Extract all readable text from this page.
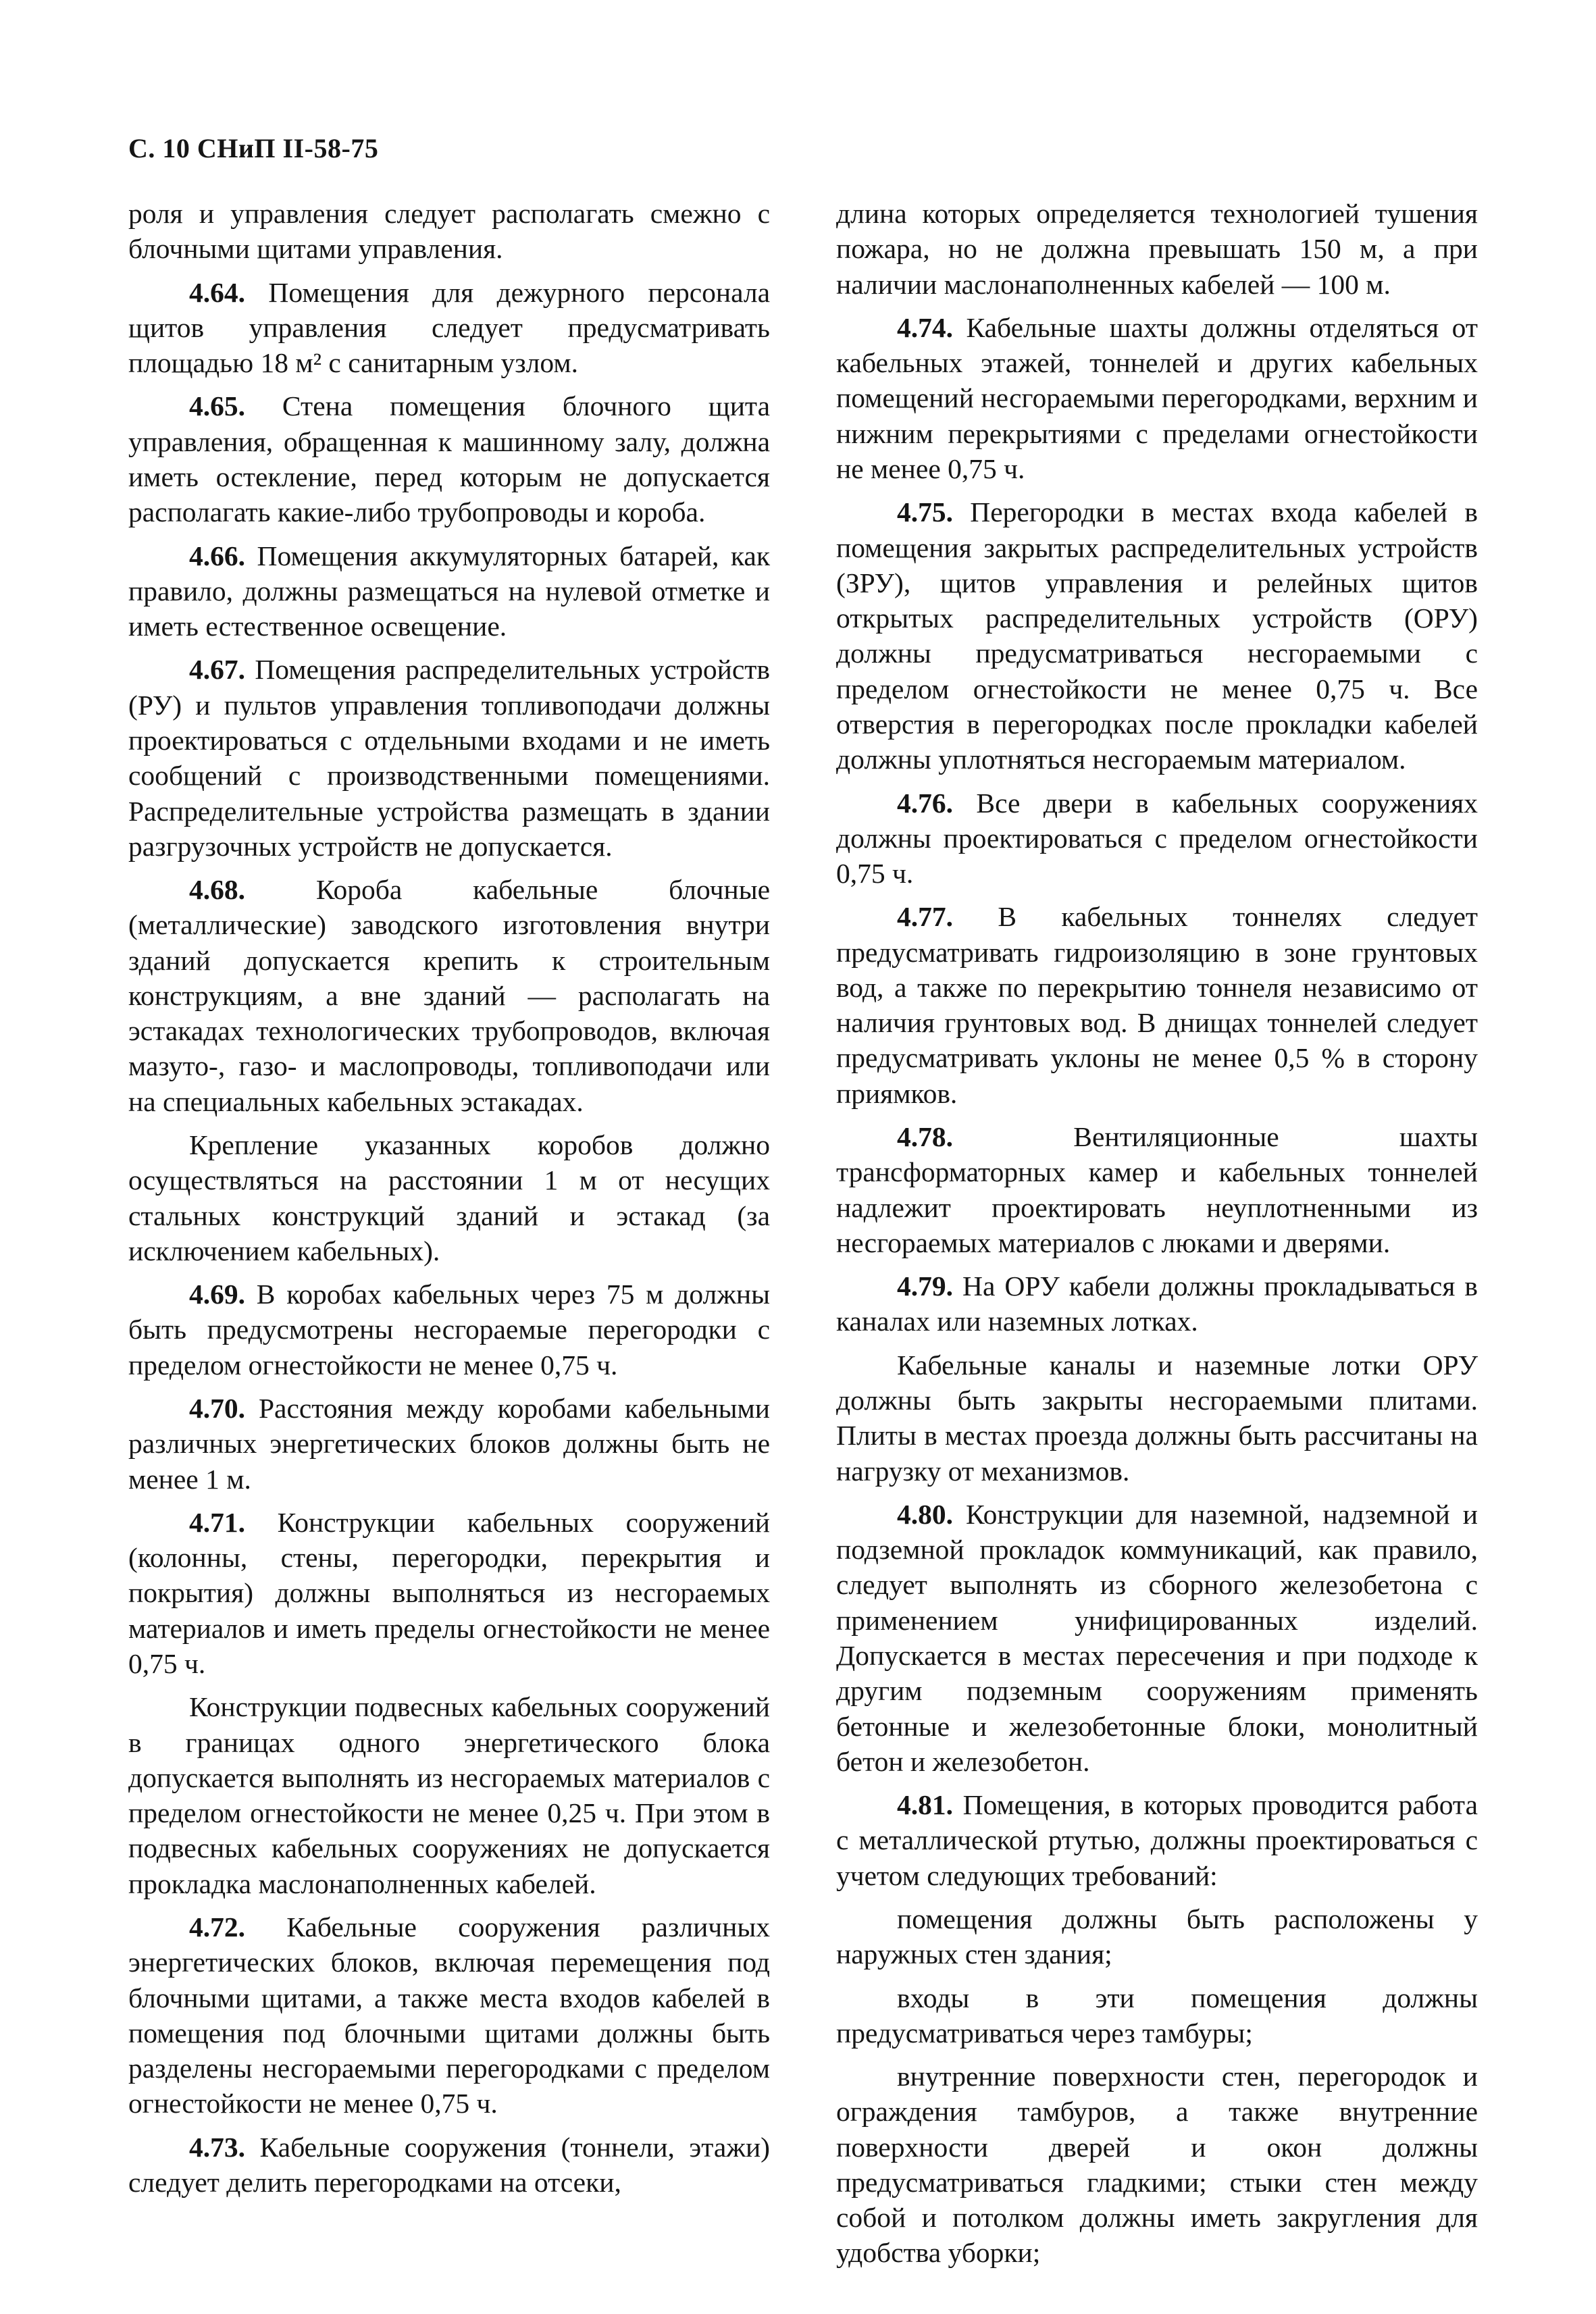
С. 10 СНиП II-58-75

роля и управления следует располагать смежно с блочными щитами управления.

4.64. Помещения для дежурного персонала щитов управления следует предусматривать площадью 18 м² с санитарным узлом.

4.65. Стена помещения блочного щита управления, обращенная к машинному залу, должна иметь остекление, перед которым не допускается располагать какие-либо трубопроводы и короба.

4.66. Помещения аккумуляторных батарей, как правило, должны размещаться на нулевой отметке и иметь естественное освещение.

4.67. Помещения распределительных устройств (РУ) и пультов управления топливоподачи должны проектироваться с отдельными входами и не иметь сообщений с производственными помещениями. Распределительные устройства размещать в здании разгрузочных устройств не допускается.

4.68.	Короба кабельные блочные (металлические) заводского изготовления внутри зданий допускается крепить к строительным конструкциям, а вне зданий — располагать на эстакадах технологических трубопроводов, включая мазуто-, газо- и маслопроводы, топливоподачи или на специальных кабельных эстакадах.

Крепление указанных коробов должно осуществляться на расстоянии 1 м от несущих стальных конструкций зданий и эстакад (за исключением кабельных).

4.69. В коробах кабельных через 75 м должны быть предусмотрены несгораемые перегородки с пределом огнестойкости не менее 0,75 ч.

4.70. Расстояния между коробами кабельными различных энергетических блоков должны быть не менее 1 м.

4.71. Конструкции кабельных сооружений (колонны, стены, перегородки, перекрытия и покрытия) должны выполняться из несгораемых материалов и иметь пределы огнестойкости не менее 0,75 ч.

Конструкции подвесных кабельных сооружений в границах одного энергетического блока допускается выполнять из несгораемых материалов с пределом огнестойкости не менее 0,25 ч. При этом в подвесных кабельных сооружениях не допускается прокладка маслонаполненных кабелей.

4.72. Кабельные сооружения различных энергетических блоков, включая перемещения под блочными щитами, а также места входов кабелей в помещения под блочными щитами должны быть разделены несгораемыми перегородками с пределом огнестойкости не менее 0,75 ч.

4.73. Кабельные сооружения (тоннели, этажи) следует делить перегородками на отсеки,

длина которых определяется технологией тушения пожара, но не должна превышать 150 м, а при наличии маслонаполненных кабелей — 100 м.

4.74. Кабельные шахты должны отделяться от кабельных этажей, тоннелей и других кабельных помещений несгораемыми перегородками, верхним и нижним перекрытиями с пределами огнестойкости не менее 0,75 ч.

4.75. Перегородки в местах входа кабелей в помещения закрытых распределительных устройств (ЗРУ), щитов управления и релейных щитов открытых распределительных устройств (ОРУ) должны предусматриваться несгораемыми с пределом огнестойкости не менее 0,75 ч. Все отверстия в перегородках после прокладки кабелей должны уплотняться несгораемым материалом.

4.76. Все двери в кабельных сооружениях должны проектироваться с пределом огнестойкости 0,75 ч.

4.77. В кабельных тоннелях следует предусматривать гидроизоляцию в зоне грунтовых вод, а также по перекрытию тоннеля независимо от наличия грунтовых вод. В днищах тоннелей следует предусматривать уклоны не менее 0,5 % в сторону приямков.

4.78.	Вентиляционные шахты трансформаторных камер и кабельных тоннелей надлежит проектировать неуплотненными из несгораемых материалов с люками и дверями.

4.79. На ОРУ кабели должны прокладываться в каналах или наземных лотках.

Кабельные каналы и наземные лотки ОРУ должны быть закрыты несгораемыми плитами. Плиты в местах проезда должны быть рассчитаны на нагрузку от механизмов.

4.80. Конструкции для наземной, надземной и подземной прокладок коммуникаций, как правило, следует выполнять из сборного железобетона с применением унифицированных изделий. Допускается в местах пересечения и при подходе к другим подземным сооружениям применять бетонные и железобетонные блоки, монолитный бетон и железобетон.

4.81. Помещения, в которых проводится работа с металлической ртутью, должны проектироваться с учетом следующих требований:

помещения должны быть расположены у наружных стен здания;

входы в эти помещения должны предусматриваться через тамбуры;

внутренние поверхности стен, перегородок и ограждения тамбуров, а также внутренние поверхности дверей и окон должны предусматриваться гладкими; стыки стен между собой и потолком должны иметь закругления для удобства уборки;
